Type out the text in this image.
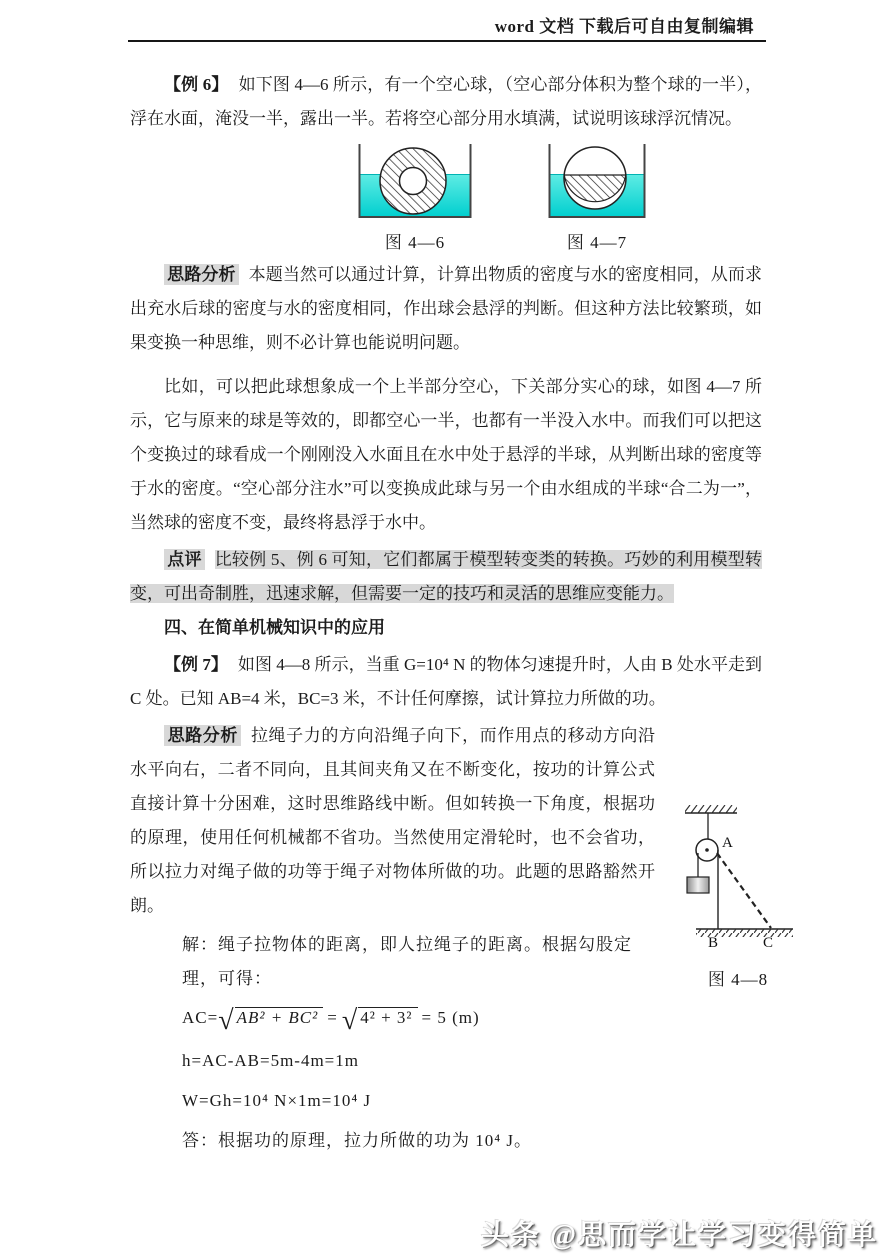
word 文档 下载后可自由复制编辑

【例 6】 如下图 4—6 所示，有一个空心球，（空心部分体积为整个球的一半），浮在水面，淹没一半，露出一半。若将空心部分用水填满，试说明该球浮沉情况。

图 4—6	图 4—7

思路分析 本题当然可以通过计算，计算出物质的密度与水的密度相同，从而求出充水后球的密度与水的密度相同，作出球会悬浮的判断。但这种方法比较繁琐，如果变换一种思维，则不必计算也能说明问题。

比如，可以把此球想象成一个上半部分空心，下关部分实心的球，如图 4—7 所示，它与原来的球是等效的，即都空心一半，也都有一半没入水中。而我们可以把这个变换过的球看成一个刚刚没入水面且在水中处于悬浮的半球，从判断出球的密度等于水的密度。“空心部分注水”可以变换成此球与另一个由水组成的半球“合二为一”，当然球的密度不变，最终将悬浮于水中。

点评 比较例 5、例 6 可知，它们都属于模型转变类的转换。巧妙的利用模型转变，可出奇制胜，迅速求解，但需要一定的技巧和灵活的思维应变能力。

四、在简单机械知识中的应用

【例 7】 如图 4—8 所示，当重 G=10⁴ N 的物体匀速提升时，人由 B 处水平走到 C 处。已知 AB=4 米，BC=3 米，不计任何摩擦，试计算拉力所做的功。

A
B	C
图 4—8
思路分析 拉绳子力的方向沿绳子向下，而作用点的移动方向沿水平向右，二者不同向，且其间夹角又在不断变化，按功的计算公式直接计算十分困难，这时思维路线中断。但如转换一下角度，根据功的原理，使用任何机械都不省功。当然使用定滑轮时，也不会省功，所以拉力对绳子做的功等于绳子对物体所做的功。此题的思路豁然开朗。

解：绳子拉物体的距离，即人拉绳子的距离。根据勾股定理，可得：

AC=√ AB² + BC² = √ 4² + 3² = 5 (m)

h=AC-AB=5m-4m=1m

W=Gh=10⁴ N×1m=10⁴ J

答：根据功的原理，拉力所做的功为 10⁴ J。

头条 @思而学让学习变得简单
